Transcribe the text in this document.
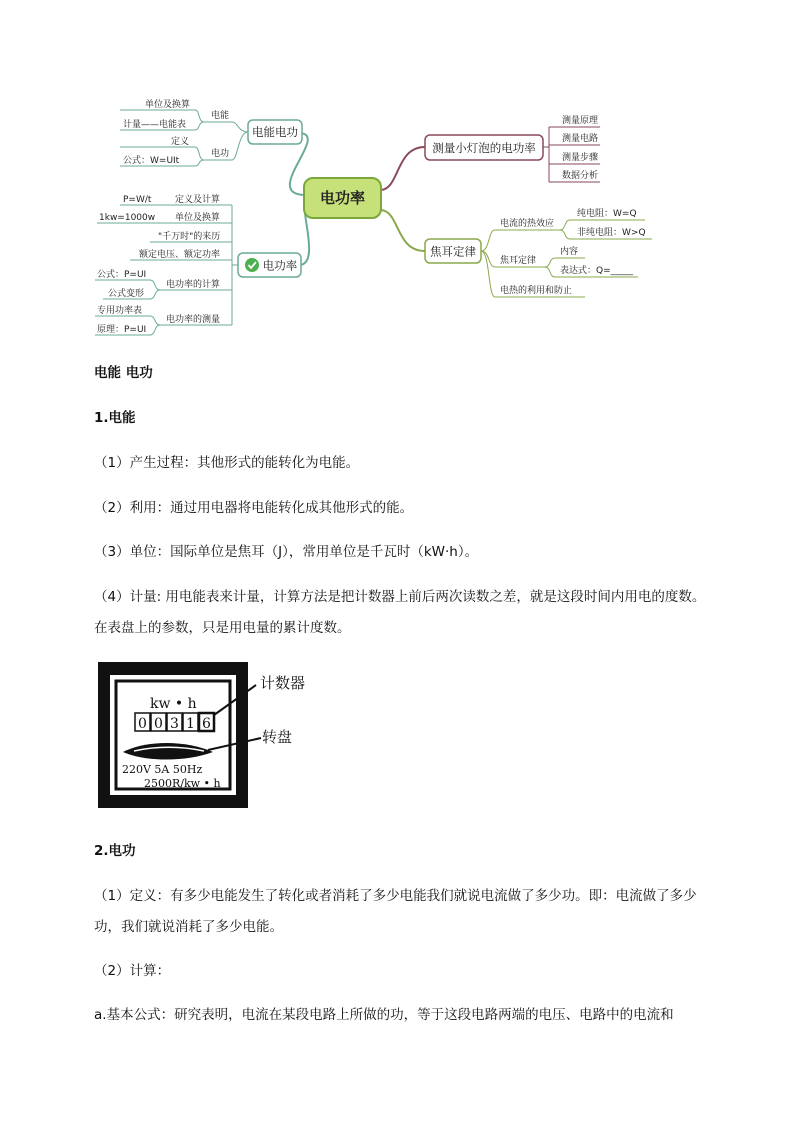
电功率
电能电功
电能
电功
单位及换算
计量——电能表
定义
公式：W=UIt
电功率
定义及计算
单位及换算
"千万时"的来历
额定电压、额定功率
电功率的计算
电功率的测量
P=W/t
1kw=1000w
公式：P=UI
公式变形
专用功率表
原理：P=UI
测量小灯泡的电功率
测量原理
测量电路
测量步骤
数据分析
焦耳定律
电流的热效应
焦耳定律
电热的利用和防止
纯电阻：W=Q
非纯电阻：W>Q
内容
表达式：Q=_____

电能 电功

1.电能

（1）产生过程：其他形式的能转化为电能。

（2）利用：通过用电器将电能转化成其他形式的能。

（3）单位：国际单位是焦耳（J），常用单位是千瓦时（kW·h）。

（4）计量: 用电能表来计量，计算方法是把计数器上前后两次读数之差，就是这段时间内用电的度数。在表盘上的参数，只是用电量的累计度数。

kw • h
0 0 3 1 6
220V 5A 50Hz
2500R/kw • h
计数器
转盘

2.电功

（1）定义：有多少电能发生了转化或者消耗了多少电能我们就说电流做了多少功。即：电流做了多少功，我们就说消耗了多少电能。

（2）计算：

a.基本公式：研究表明，电流在某段电路上所做的功，等于这段电路两端的电压、电路中的电流和
